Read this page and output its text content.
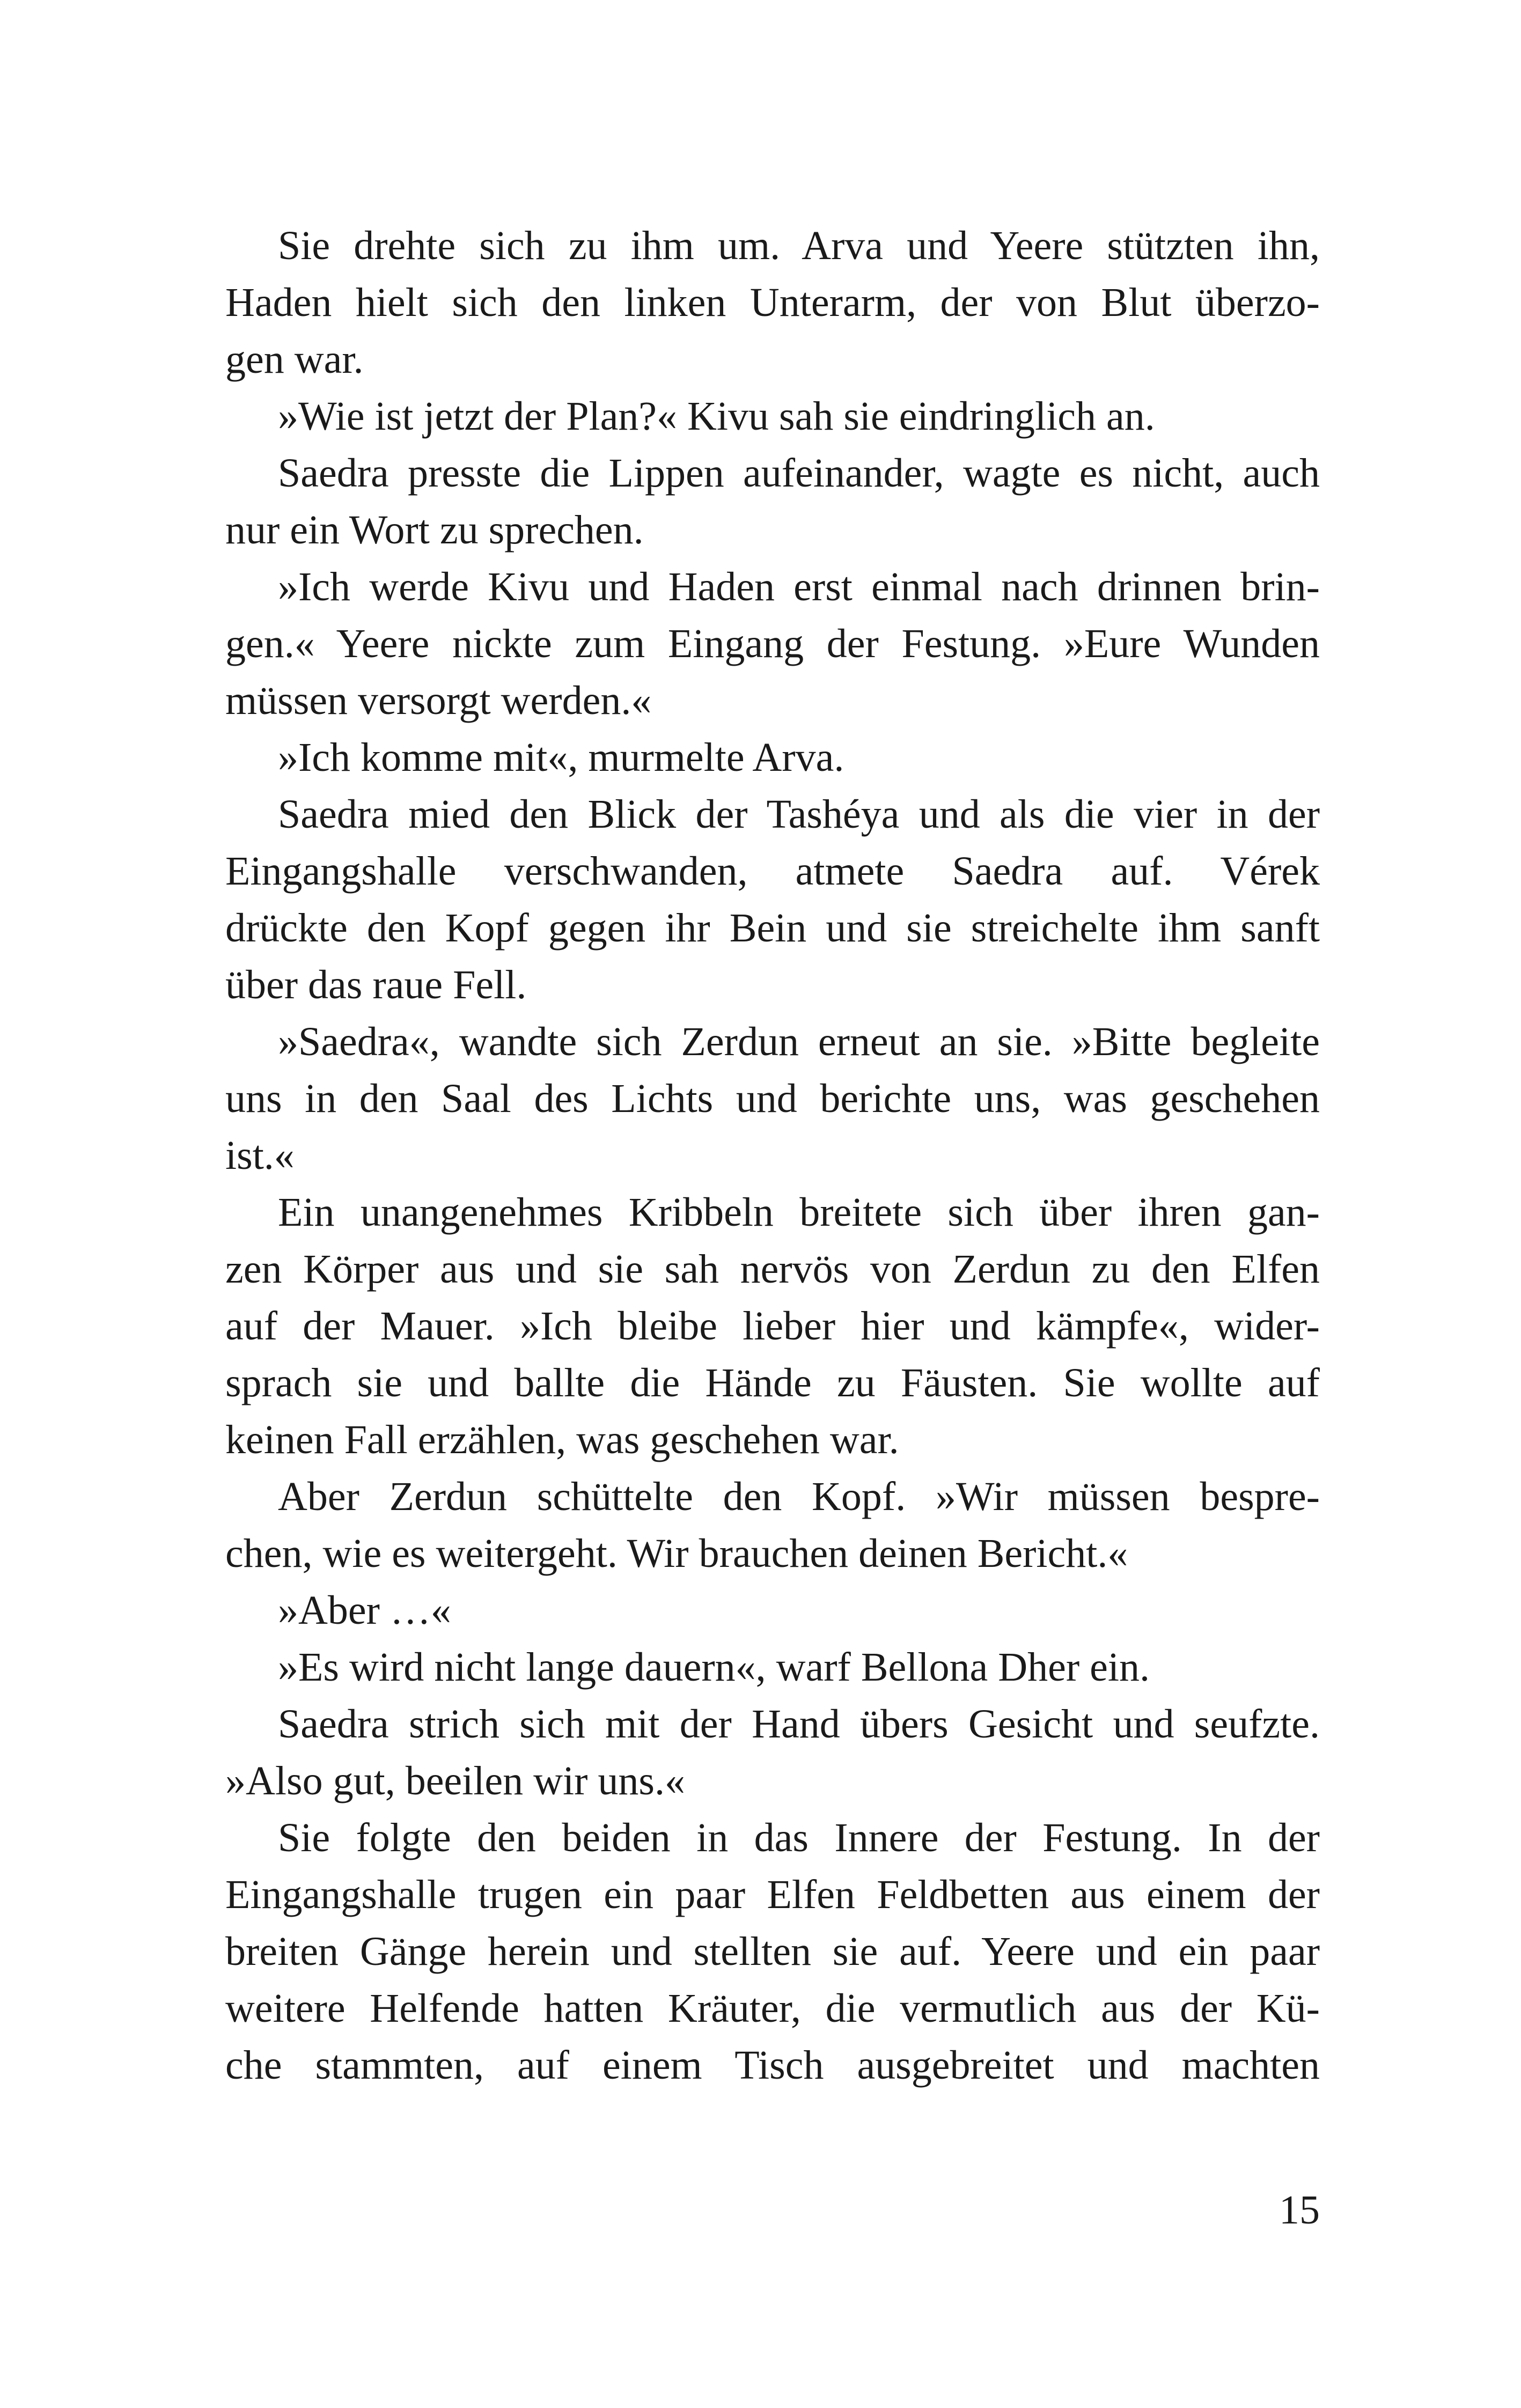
Sie drehte sich zu ihm um. Arva und Yeere stützten ihn,
Haden hielt sich den linken Unterarm, der von Blut überzo-
gen war.
»Wie ist jetzt der Plan?« Kivu sah sie eindringlich an.
Saedra presste die Lippen aufeinander, wagte es nicht, auch
nur ein Wort zu sprechen.
»Ich werde Kivu und Haden erst einmal nach drinnen brin-
gen.« Yeere nickte zum Eingang der Festung. »Eure Wunden
müssen versorgt werden.«
»Ich komme mit«, murmelte Arva.
Saedra mied den Blick der Tashéya und als die vier in der
Eingangshalle verschwanden, atmete Saedra auf. Vérek
drückte den Kopf gegen ihr Bein und sie streichelte ihm sanft
über das raue Fell.
»Saedra«, wandte sich Zerdun erneut an sie. »Bitte begleite
uns in den Saal des Lichts und berichte uns, was geschehen
ist.«
Ein unangenehmes Kribbeln breitete sich über ihren gan-
zen Körper aus und sie sah nervös von Zerdun zu den Elfen
auf der Mauer. »Ich bleibe lieber hier und kämpfe«, wider-
sprach sie und ballte die Hände zu Fäusten. Sie wollte auf
keinen Fall erzählen, was geschehen war.
Aber Zerdun schüttelte den Kopf. »Wir müssen bespre-
chen, wie es weitergeht. Wir brauchen deinen Bericht.«
»Aber …«
»Es wird nicht lange dauern«, warf Bellona Dher ein.
Saedra strich sich mit der Hand übers Gesicht und seufzte.
»Also gut, beeilen wir uns.«
Sie folgte den beiden in das Innere der Festung. In der
Eingangshalle trugen ein paar Elfen Feldbetten aus einem der
breiten Gänge herein und stellten sie auf. Yeere und ein paar
weitere Helfende hatten Kräuter, die vermutlich aus der Kü-
che stammten, auf einem Tisch ausgebreitet und machten
15
